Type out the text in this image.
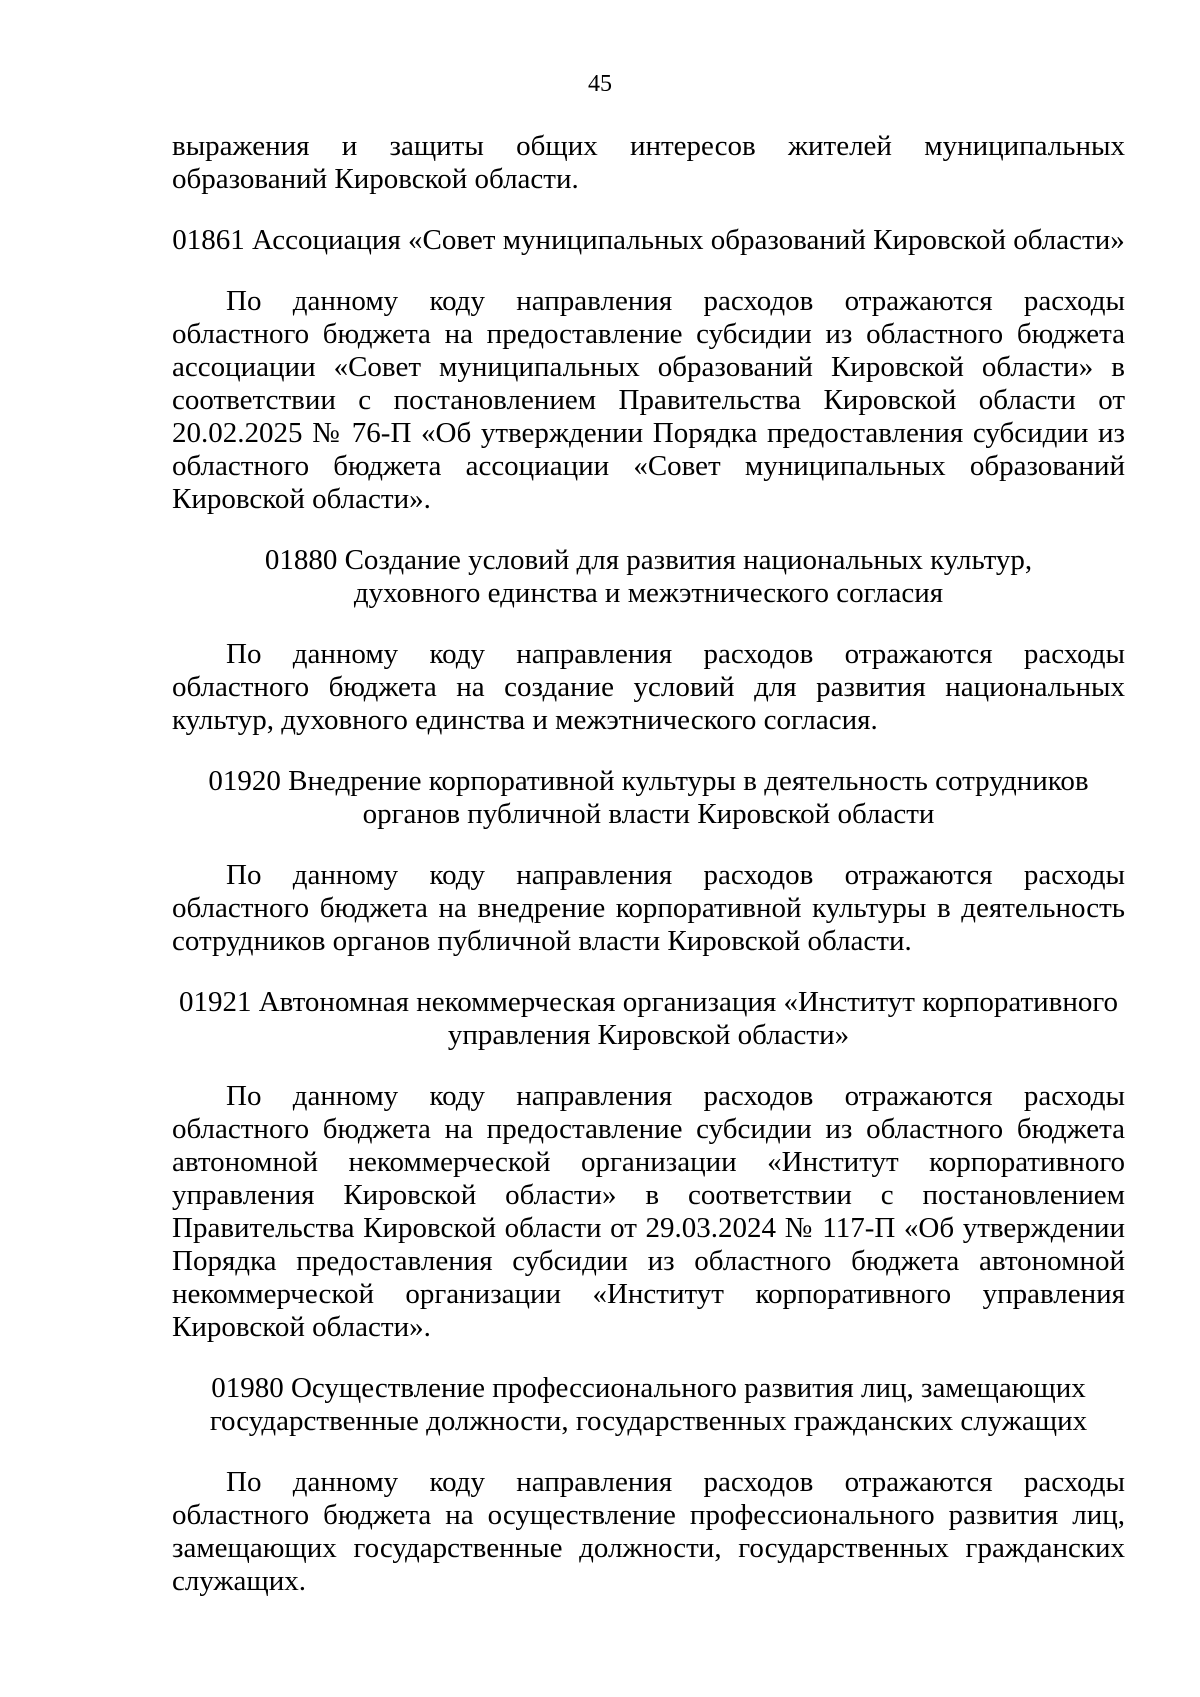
45

выражения и защиты общих интересов жителей муниципальных образований Кировской области.

01861 Ассоциация «Совет муниципальных образований Кировской области»

По данному коду направления расходов отражаются расходы областного бюджета на предоставление субсидии из областного бюджета ассоциации «Совет муниципальных образований Кировской области» в соответствии с постановлением Правительства Кировской области от 20.02.2025 № 76-П «Об утверждении Порядка предоставления субсидии из областного бюджета ассоциации «Совет муниципальных образований Кировской области».

01880 Создание условий для развития национальных культур,

духовного единства и межэтнического согласия

По данному коду направления расходов отражаются расходы областного бюджета на создание условий для развития национальных культур, духовного единства и межэтнического согласия.

01920 Внедрение корпоративной культуры в деятельность сотрудников

органов публичной власти Кировской области

По данному коду направления расходов отражаются расходы областного бюджета на внедрение корпоративной культуры в деятельность сотрудников органов публичной власти Кировской области.

01921 Автономная некоммерческая организация «Институт корпоративного

управления Кировской области»

По данному коду направления расходов отражаются расходы областного бюджета на предоставление субсидии из областного бюджета автономной некоммерческой организации «Институт корпоративного управления Кировской области» в соответствии с постановлением Правительства Кировской области от 29.03.2024 № 117-П «Об утверждении Порядка предоставления субсидии из областного бюджета автономной некоммерческой организации «Институт корпоративного управления Кировской области».

01980 Осуществление профессионального развития лиц, замещающих

государственные должности, государственных гражданских служащих

По данному коду направления расходов отражаются расходы областного бюджета на осуществление профессионального развития лиц, замещающих государственные должности, государственных гражданских служащих.
